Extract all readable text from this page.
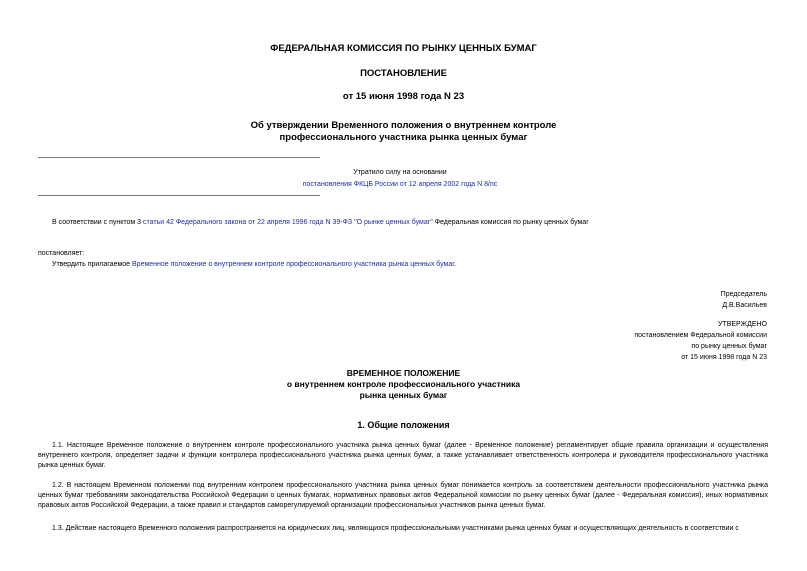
ФЕДЕРАЛЬНАЯ КОМИССИЯ ПО РЫНКУ ЦЕННЫХ БУМАГ
ПОСТАНОВЛЕНИЕ
от 15 июня 1998 года N 23
Об утверждении Временного положения о внутреннем контроле
профессионального участника рынка ценных бумаг
Утратило силу на основании
постановления ФКЦБ России от 12 апреля 2002 года N 8/пс
В соответствии с пунктом 3 статьи 42 Федерального закона от 22 апреля 1996 года N 39-ФЗ "О рынке ценных бумаг" Федеральная комиссия по рынку ценных бумаг
постановляет:
Утвердить прилагаемое Временное положение о внутреннем контроле профессионального участника рынка ценных бумаг.
Председатель
Д.В.Васильев
УТВЕРЖДЕНО
постановлением Федеральной комиссии
по рынку ценных бумаг
от 15 июня 1998 года N 23
ВРЕМЕННОЕ ПОЛОЖЕНИЕ
о внутреннем контроле профессионального участника
рынка ценных бумаг
1. Общие положения
1.1. Настоящее Временное положение о внутреннем контроле профессионального участника рынка ценных бумаг (далее - Временное положение) регламентирует общие правила организации и осуществления внутреннего контроля, определяет задачи и функции контролера профессионального участника рынка ценных бумаг, а также устанавливает ответственность контролера и руководителя профессионального участника рынка ценных бумаг.
1.2. В настоящем Временном положении под внутренним контролем профессионального участника рынка ценных бумаг понимается контроль за соответствием деятельности профессионального участника рынка ценных бумаг требованиям законодательства Российской Федерации о ценных бумагах, нормативных правовых актов Федеральной комиссии по рынку ценных бумаг (далее - Федеральная комиссия), иных нормативных правовых актов Российской Федерации, а также правил и стандартов саморегулируемой организации профессиональных участников рынка ценных бумаг.
1.3. Действие настоящего Временного положения распространяется на юридических лиц, являющихся профессиональными участниками рынка ценных бумаг и осуществляющих деятельность в соответствии с
